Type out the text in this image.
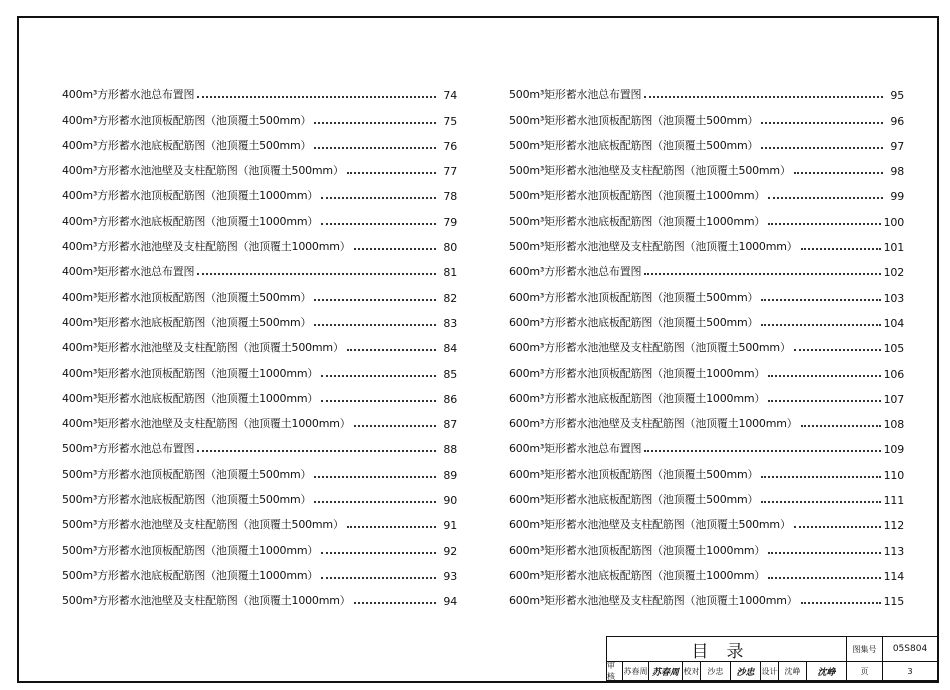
400m³方形蓄水池总布置图	74
400m³方形蓄水池顶板配筋图（池顶覆土500mm）	75
400m³方形蓄水池底板配筋图（池顶覆土500mm）	76
400m³方形蓄水池池壁及支柱配筋图（池顶覆土500mm）	77
400m³方形蓄水池顶板配筋图（池顶覆土1000mm）	78
400m³方形蓄水池底板配筋图（池顶覆土1000mm）	79
400m³方形蓄水池池壁及支柱配筋图（池顶覆土1000mm）	80
400m³矩形蓄水池总布置图	81
400m³矩形蓄水池顶板配筋图（池顶覆土500mm）	82
400m³矩形蓄水池底板配筋图（池顶覆土500mm）	83
400m³矩形蓄水池池壁及支柱配筋图（池顶覆土500mm）	84
400m³矩形蓄水池顶板配筋图（池顶覆土1000mm）	85
400m³矩形蓄水池底板配筋图（池顶覆土1000mm）	86
400m³矩形蓄水池池壁及支柱配筋图（池顶覆土1000mm）	87
500m³方形蓄水池总布置图	88
500m³方形蓄水池顶板配筋图（池顶覆土500mm）	89
500m³方形蓄水池底板配筋图（池顶覆土500mm）	90
500m³方形蓄水池池壁及支柱配筋图（池顶覆土500mm）	91
500m³方形蓄水池顶板配筋图（池顶覆土1000mm）	92
500m³方形蓄水池底板配筋图（池顶覆土1000mm）	93
500m³方形蓄水池池壁及支柱配筋图（池顶覆土1000mm）	94
500m³矩形蓄水池总布置图	95
500m³矩形蓄水池顶板配筋图（池顶覆土500mm）	96
500m³矩形蓄水池底板配筋图（池顶覆土500mm）	97
500m³矩形蓄水池池壁及支柱配筋图（池顶覆土500mm）	98
500m³矩形蓄水池顶板配筋图（池顶覆土1000mm）	99
500m³矩形蓄水池底板配筋图（池顶覆土1000mm）	100
500m³矩形蓄水池池壁及支柱配筋图（池顶覆土1000mm）	101
600m³方形蓄水池总布置图	102
600m³方形蓄水池顶板配筋图（池顶覆土500mm）	103
600m³方形蓄水池底板配筋图（池顶覆土500mm）	104
600m³方形蓄水池池壁及支柱配筋图（池顶覆土500mm）	105
600m³方形蓄水池顶板配筋图（池顶覆土1000mm）	106
600m³方形蓄水池底板配筋图（池顶覆土1000mm）	107
600m³方形蓄水池池壁及支柱配筋图（池顶覆土1000mm）	108
600m³矩形蓄水池总布置图	109
600m³矩形蓄水池顶板配筋图（池顶覆土500mm）	110
600m³矩形蓄水池底板配筋图（池顶覆土500mm）	111
600m³矩形蓄水池池壁及支柱配筋图（池顶覆土500mm）	112
600m³矩形蓄水池顶板配筋图（池顶覆土1000mm）	113
600m³矩形蓄水池底板配筋图（池顶覆土1000mm）	114
600m³矩形蓄水池池壁及支柱配筋图（池顶覆土1000mm）	115
目录	图集号	05S804
审核
苏春周 苏春周 校对	沙忠	沙忠 设计 沈峥	沈峥	页	3
